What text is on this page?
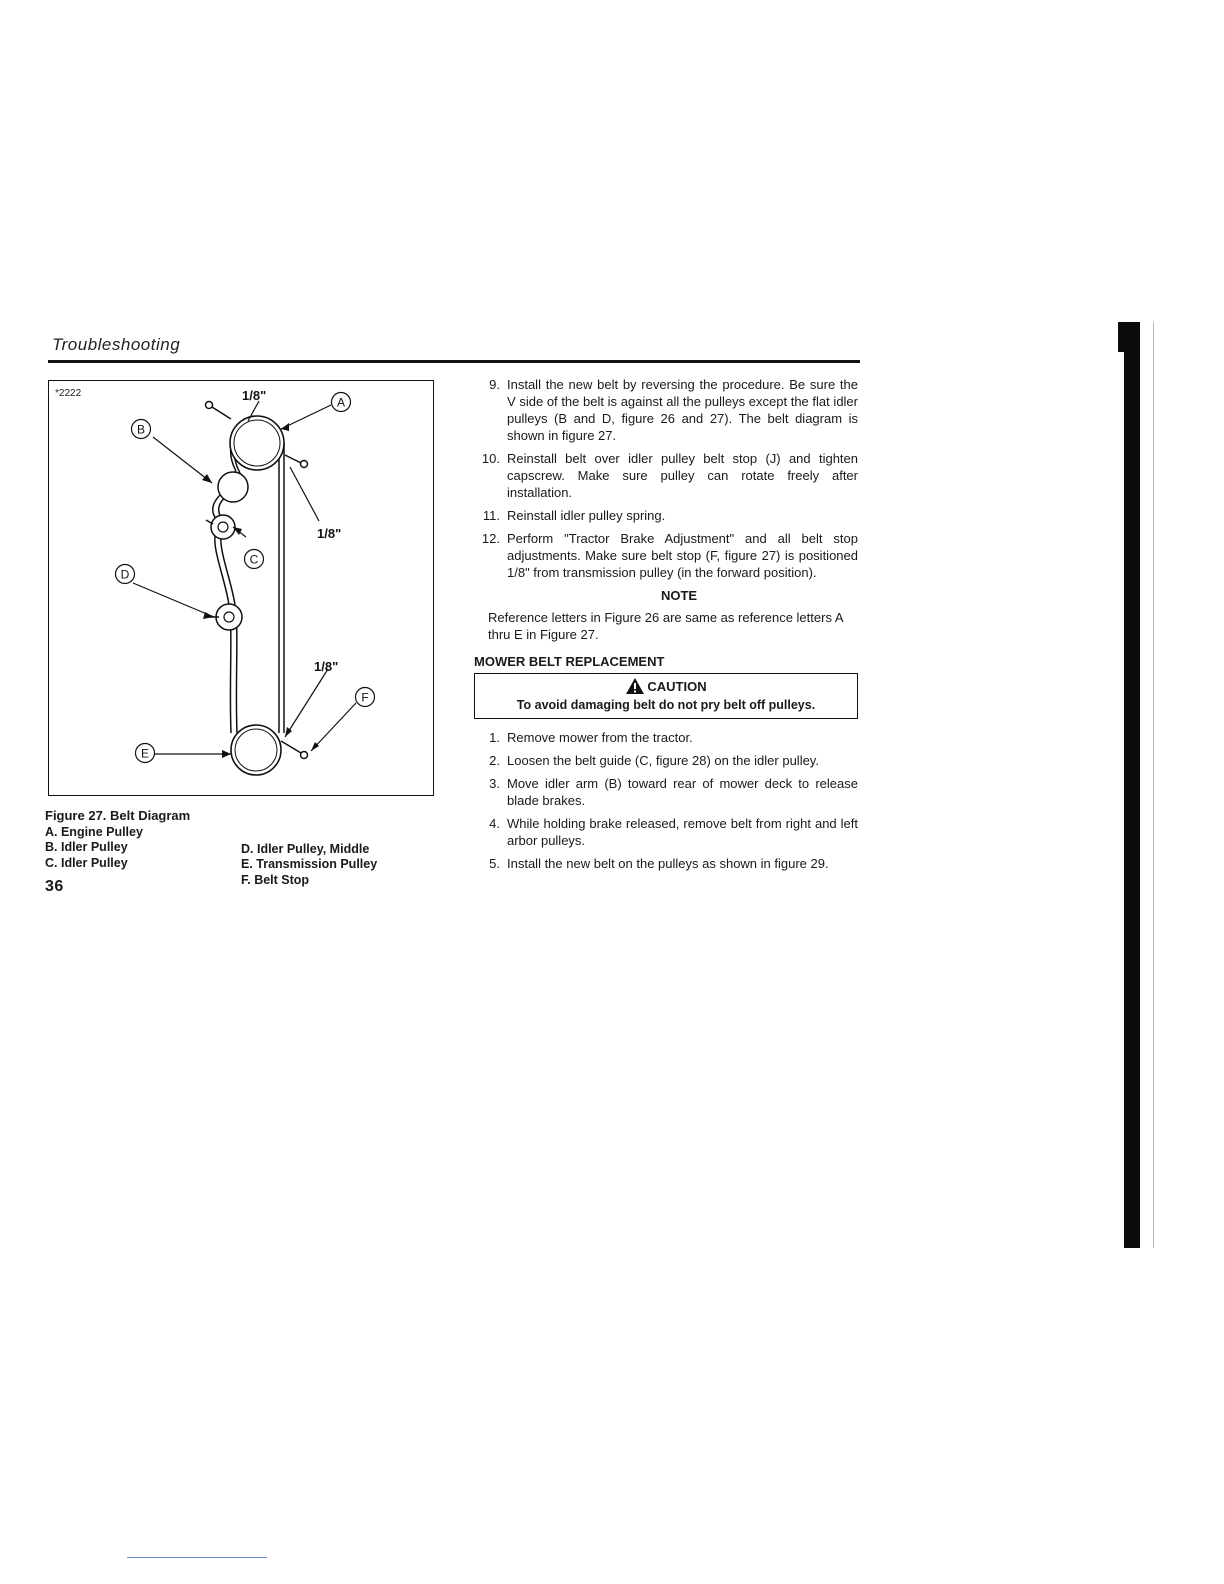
Troubleshooting
*2222	1/8"
1/8"
1/8"
A
B
C
D
E
F
Figure 27. Belt Diagram
A. Engine Pulley
B. Idler Pulley
C. Idler Pulley
D. Idler Pulley, Middle
E. Transmission Pulley
F. Belt Stop
36
9. Install the new belt by reversing the procedure. Be sure the V side of the belt is against all the pulleys except the flat idler pulleys (B and D, figure 26 and 27). The belt diagram is shown in figure 27.
10. Reinstall belt over idler pulley belt stop (J) and tighten capscrew. Make sure pulley can rotate freely after installation.
11. Reinstall idler pulley spring.
12. Perform "Tractor Brake Adjustment" and all belt stop adjustments. Make sure belt stop (F, figure 27) is positioned 1/8" from transmission pulley (in the forward position).
NOTE
Reference letters in Figure 26 are same as reference letters A thru E in Figure 27.
MOWER BELT REPLACEMENT
CAUTION
To avoid damaging belt do not pry belt off pulleys.
1. Remove mower from the tractor.
2. Loosen the belt guide (C, figure 28) on the idler pulley.
3. Move idler arm (B) toward rear of mower deck to release blade brakes.
4. While holding brake released, remove belt from right and left arbor pulleys.
5. Install the new belt on the pulleys as shown in figure 29.
